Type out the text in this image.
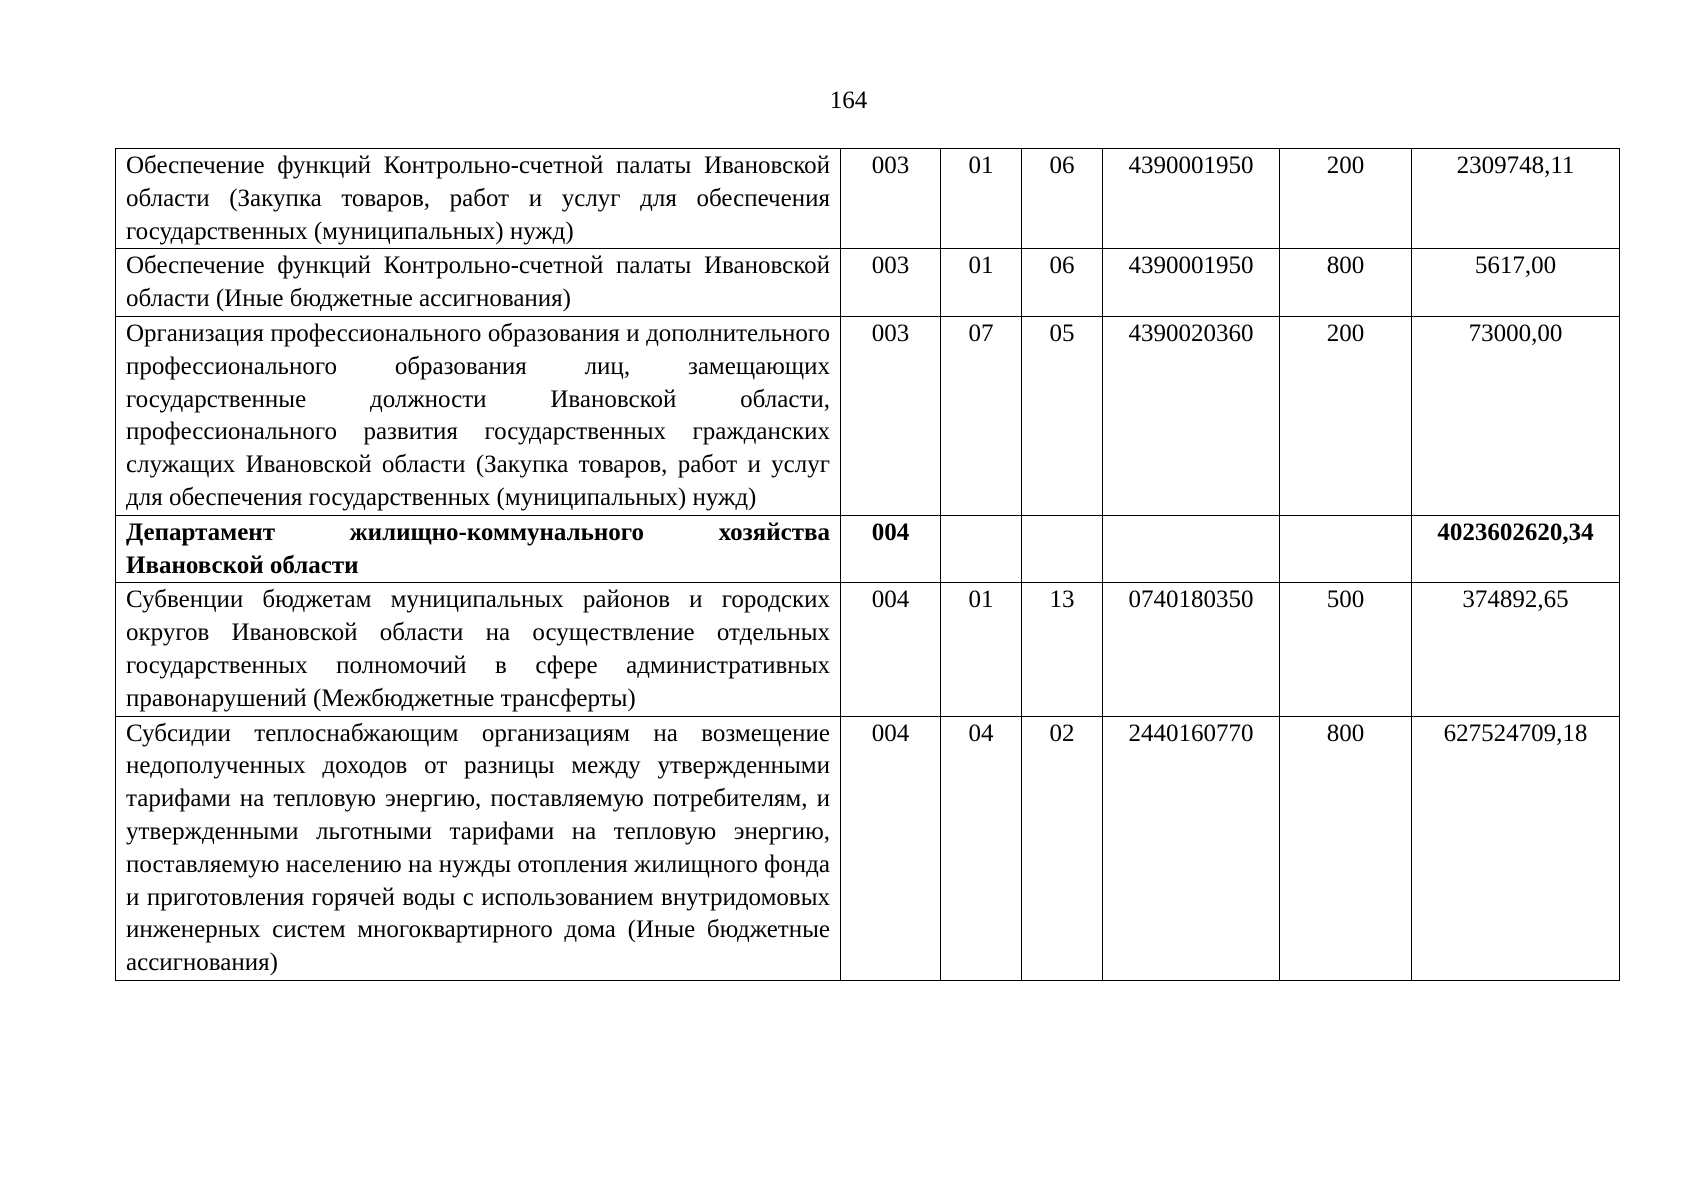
164
Обеспечение функций Контрольно-счетной палаты Ивановской области (Закупка товаров, работ и услуг для обеспечения государственных (муниципальных) нужд)	003	01	06	4390001950	200	2309748,11
Обеспечение функций Контрольно-счетной палаты Ивановской области (Иные бюджетные ассигнования)	003	01	06	4390001950	800	5617,00
Организация профессионального образования и дополнительного профессионального образования лиц, замещающих государственные должности Ивановской области, профессионального развития государственных гражданских служащих Ивановской области (Закупка товаров, работ и услуг для обеспечения государственных (муниципальных) нужд)	003	07	05	4390020360	200	73000,00
Департамент жилищно-коммунального хозяйства Ивановской области	004					4023602620,34
Субвенции бюджетам муниципальных районов и городских округов Ивановской области на осуществление отдельных государственных полномочий в сфере административных правонарушений (Межбюджетные трансферты)	004	01	13	0740180350	500	374892,65
Субсидии теплоснабжающим организациям на возмещение недополученных доходов от разницы между утвержденными тарифами на тепловую энергию, поставляемую потребителям, и утвержденными льготными тарифами на тепловую энергию, поставляемую населению на нужды отопления жилищного фонда и приготовления горячей воды с использованием внутридомовых инженерных систем многоквартирного дома (Иные бюджетные ассигнования)	004	04	02	2440160770	800	627524709,18
